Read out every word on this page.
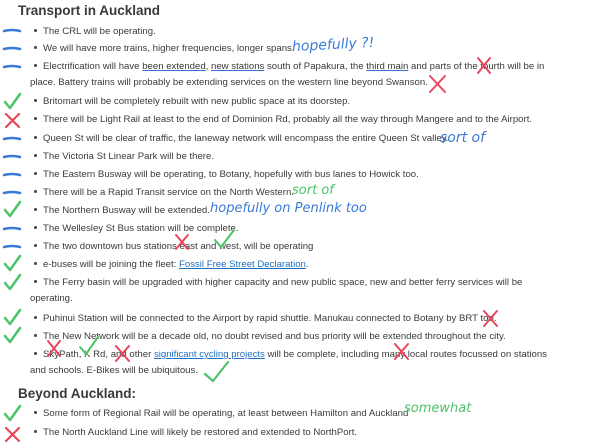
Transport in Auckland
The CRL will be operating.
We will have more trains, higher frequencies, longer spans.
Electrification will have been extended, new stations south of Papakura, the third main and parts of the fourth will be in place. Battery trains will probably be extending services on the western line beyond Swanson.
Britomart will be completely rebuilt with new public space at its doorstep.
There will be Light Rail at least to the end of Dominion Rd, probably all the way through Mangere and to the Airport.
Queen St will be clear of traffic, the laneway network will encompass the entire Queen St valley.
The Victoria St Linear Park will be there.
The Eastern Busway will be operating, to Botany, hopefully with bus lanes to Howick too.
There will be a Rapid Transit service on the North Western.
The Northern Busway will be extended.
The Wellesley St Bus station will be complete.
The two downtown bus stations east and west, will be operating
e-buses will be joining the fleet: Fossil Free Street Declaration.
The Ferry basin will be upgraded with higher capacity and new public space, new and better ferry services will be operating.
Puhinui Station will be connected to the Airport by rapid shuttle. Manukau connected to Botany by BRT too.
The New Network will be a decade old, no doubt revised and bus priority will be extended throughout the city.
SkyPath, K Rd, and other significant cycling projects will be complete, including many local routes focussed on stations and schools. E-Bikes will be ubiquitous.
Beyond Auckland:
Some form of Regional Rail will be operating, at least between Hamilton and Auckland
The North Auckland Line will likely be restored and extended to NorthPort.
hopefully ?!
sort of
sort of
hopefully on Penlink too
somewhat
